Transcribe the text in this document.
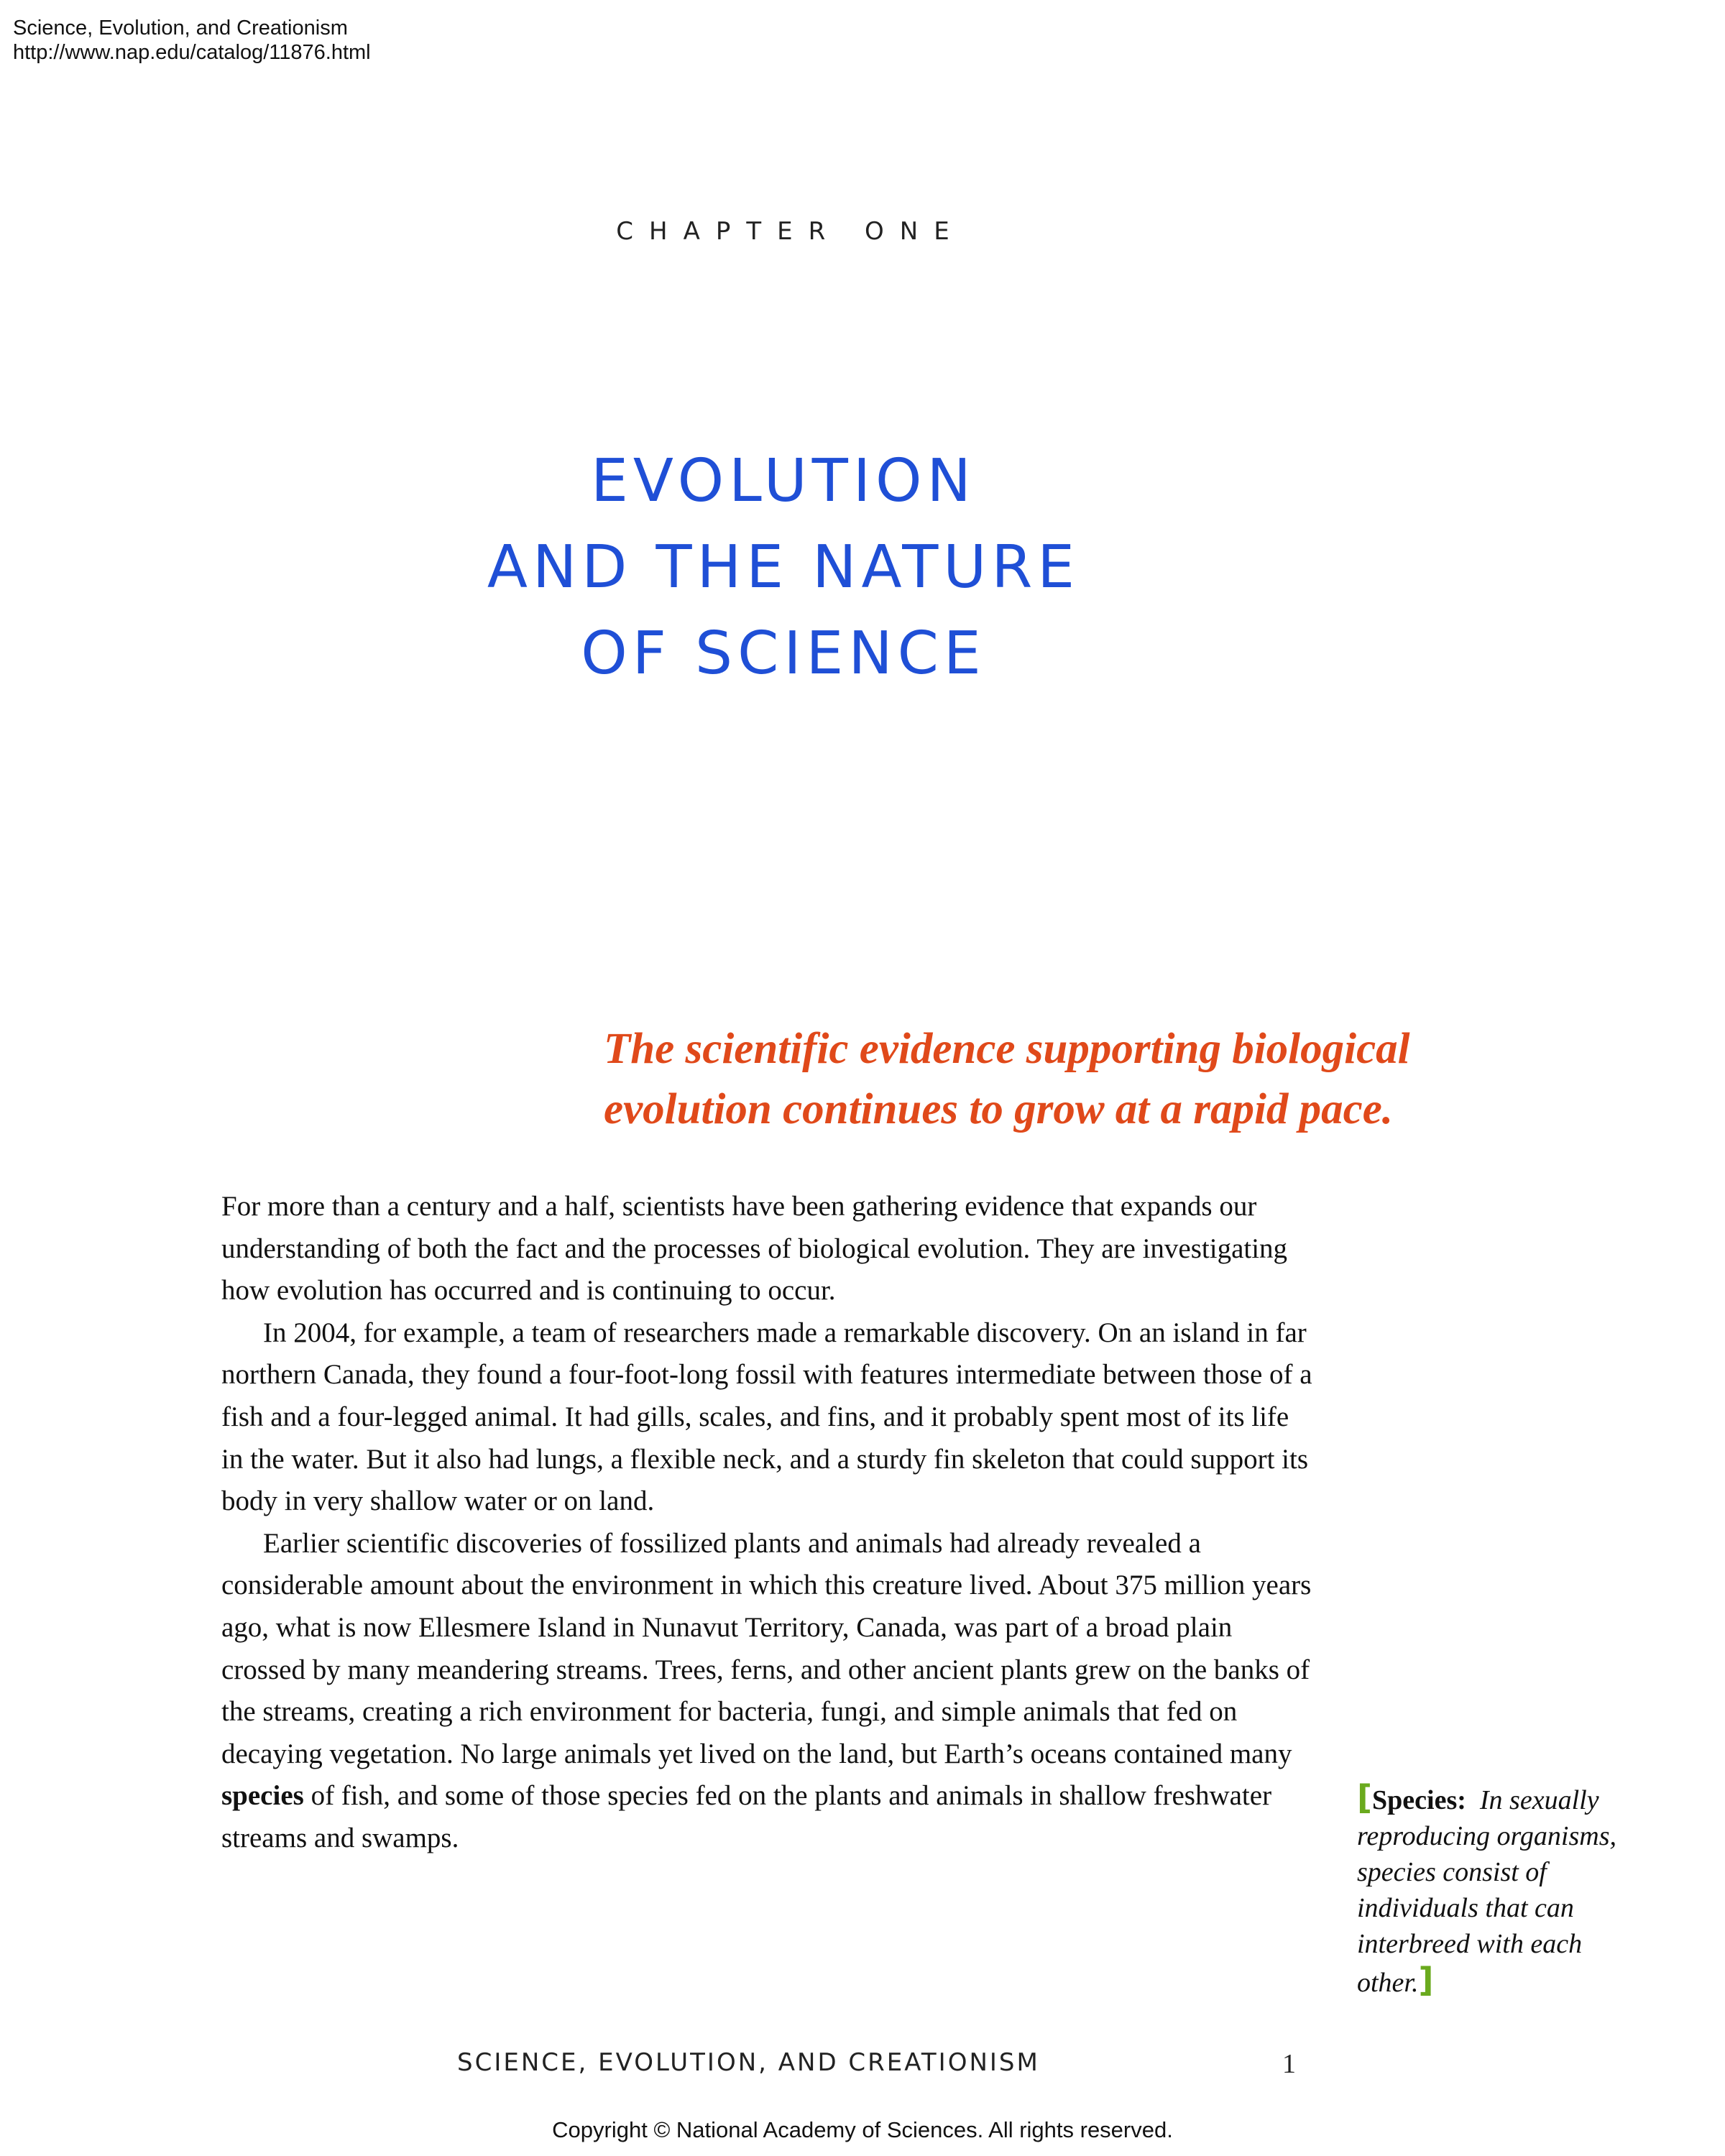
Science, Evolution, and Creationism
http://www.nap.edu/catalog/11876.html
CHAPTER ONE
EVOLUTION
AND THE NATURE
OF SCIENCE
The scientific evidence supporting biological
evolution continues to grow at a rapid pace.

For more than a century and a half, scientists have been gathering evidence that expands our understanding of both the fact and the processes of biological evolution. They are investigating how evolution has occurred and is continuing to occur.

In 2004, for example, a team of researchers made a remarkable discovery. On an island in far northern Canada, they found a four-foot-long fossil with features intermediate between those of a fish and a four-legged animal. It had gills, scales, and fins, and it probably spent most of its life in the water. But it also had lungs, a flexible neck, and a sturdy fin skeleton that could support its body in very shallow water or on land.

Earlier scientific discoveries of fossilized plants and animals had already revealed a considerable amount about the environment in which this creature lived. About 375 million years ago, what is now Ellesmere Island in Nunavut Territory, Canada, was part of a broad plain crossed by many meandering streams. Trees, ferns, and other ancient plants grew on the banks of the streams, creating a rich environment for bacteria, fungi, and simple animals that fed on decaying vegetation. No large animals yet lived on the land, but Earth’s oceans contained many species of fish, and some of those species fed on the plants and animals in shallow freshwater streams and swamps.

[Species: In sexually reproducing organisms, species consist of individuals that can interbreed with each other.]
SCIENCE, EVOLUTION, AND CREATIONISM	1
Copyright © National Academy of Sciences. All rights reserved.
